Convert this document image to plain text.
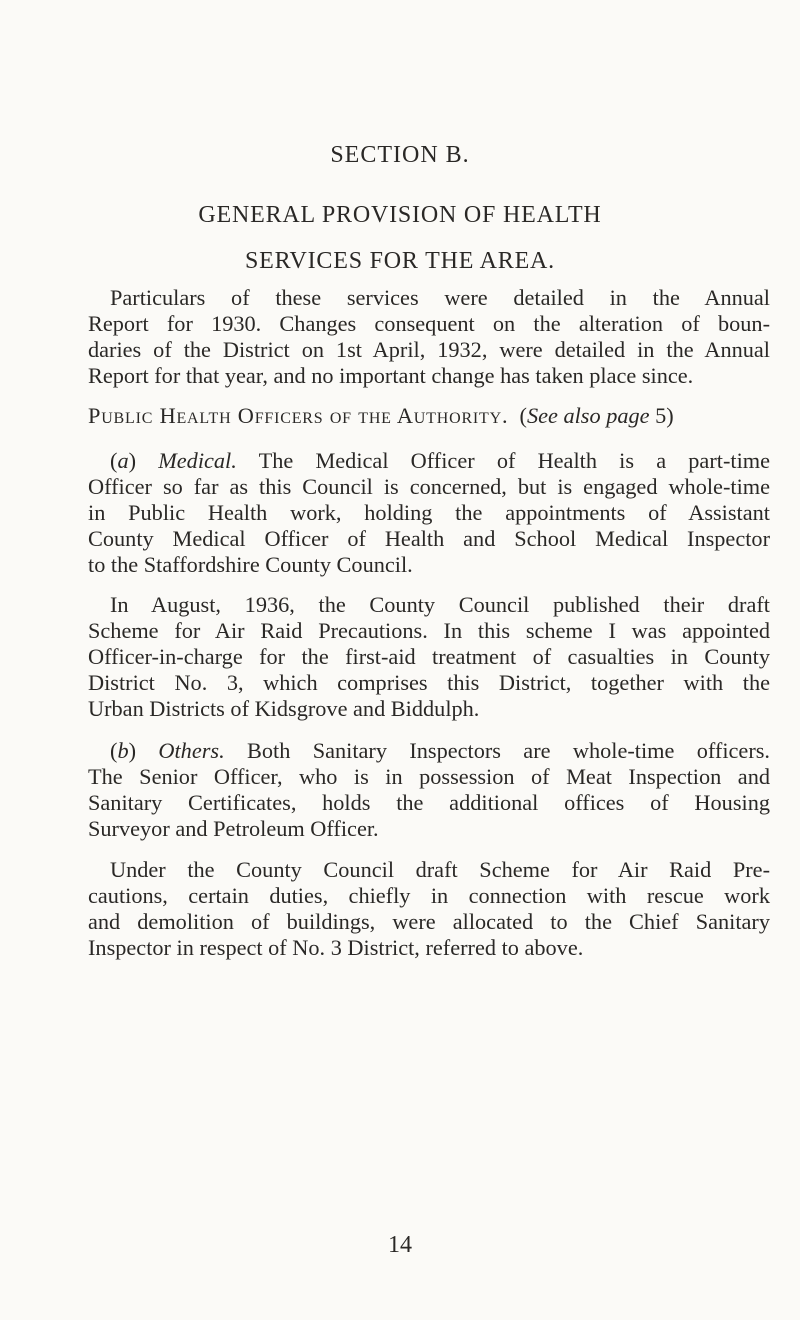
SECTION B.
GENERAL PROVISION OF HEALTH
SERVICES FOR THE AREA.

Particulars of these services were detailed in the Annual
Report for 1930. Changes consequent on the alteration of boun-
daries of the District on 1st April, 1932, were detailed in the Annual
Report for that year, and no important change has taken place since.

Public Health Officers of the Authority. (See also page 5)

(a) Medical. The Medical Officer of Health is a part-time
Officer so far as this Council is concerned, but is engaged whole-time
in Public Health work, holding the appointments of Assistant
County Medical Officer of Health and School Medical Inspector
to the Staffordshire County Council.

In August, 1936, the County Council published their draft
Scheme for Air Raid Precautions. In this scheme I was appointed
Officer-in-charge for the first-aid treatment of casualties in County
District No. 3, which comprises this District, together with the
Urban Districts of Kidsgrove and Biddulph.

(b) Others. Both Sanitary Inspectors are whole-time officers.
The Senior Officer, who is in possession of Meat Inspection and
Sanitary Certificates, holds the additional offices of Housing
Surveyor and Petroleum Officer.

Under the County Council draft Scheme for Air Raid Pre-
cautions, certain duties, chiefly in connection with rescue work
and demolition of buildings, were allocated to the Chief Sanitary
Inspector in respect of No. 3 District, referred to above.

14
